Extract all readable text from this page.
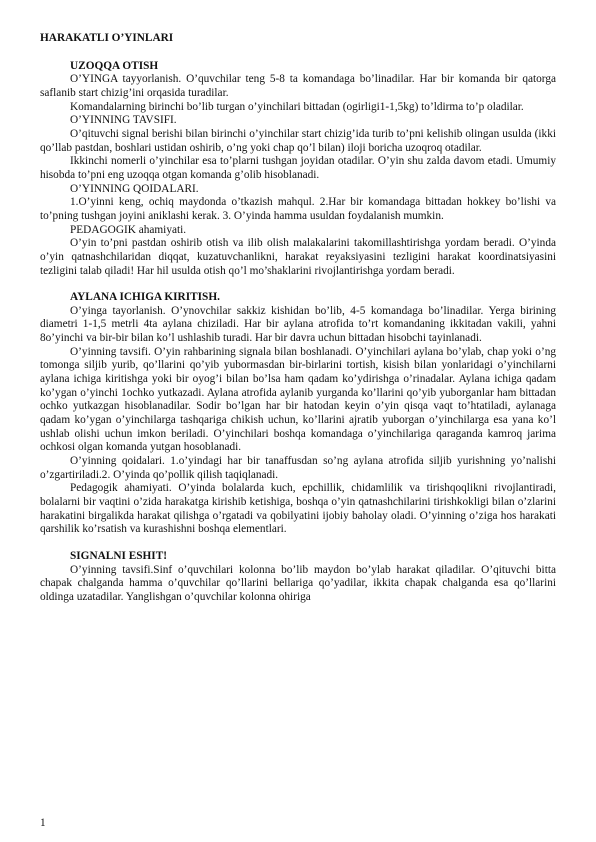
HARAKATLI O’YINLARI
UZOQQA OTISH

O’YINGA tayyorlanish. O’quvchilar teng 5-8 ta komandaga bo’linadilar. Har bir komanda bir qatorga saflanib start chizig’ini orqasida turadilar.

Komandalarning birinchi bo’lib turgan o’yinchilari bittadan (ogirligi1-1,5kg) to’ldirma to’p oladilar.

O’YINNING TAVSIFI.

O’qituvchi signal berishi bilan birinchi o’yinchilar start chizig’ida turib to’pni kelishib olingan usulda (ikki qo’llab pastdan, boshlari ustidan oshirib, o’ng yoki chap qo’l bilan) iloji boricha uzoqroq otadilar.

Ikkinchi nomerli o’yinchilar esa to’plarni tushgan joyidan otadilar. O’yin shu zalda davom etadi. Umumiy hisobda to’pni eng uzoqqa otgan komanda g’olib hisoblanadi.

O’YINNING QOIDALARI.

1.O’yinni keng, ochiq maydonda o’tkazish mahqul. 2.Har bir komandaga bittadan hokkey bo’lishi va to’pning tushgan joyini aniklashi kerak. 3. O’yinda hamma usuldan foydalanish mumkin.

PEDAGOGIK ahamiyati.

O’yin to’pni pastdan oshirib otish va ilib olish malakalarini takomillashtirishga yordam beradi. O’yinda o’yin qatnashchilaridan diqqat, kuzatuvchanlikni, harakat reyaksiyasini tezligini harakat koordinatsiyasini tezligini talab qiladi! Har hil usulda otish qo’l mo’shaklarini rivojlantirishga yordam beradi.

AYLANA ICHIGA KIRITISH.

O’yinga tayorlanish. O’ynovchilar sakkiz kishidan bo’lib, 4-5 komandaga bo’linadilar. Yerga birining diametri 1-1,5 metrli 4ta aylana chiziladi. Har bir aylana atrofida to’rt komandaning ikkitadan vakili, yahni 8o’yinchi va bir-bir bilan ko’l ushlashib turadi. Har bir davra uchun bittadan hisobchi tayinlanadi.

O’yinning tavsifi. O’yin rahbarining signala bilan boshlanadi. O’yinchilari aylana bo’ylab, chap yoki o’ng tomonga siljib yurib, qo’llarini qo’yib yubormasdan bir-birlarini tortish, kisish bilan yonlaridagi o’yinchilarni aylana ichiga kiritishga yoki bir oyog’i bilan bo’lsa ham qadam ko’ydirishga o’rinadalar. Aylana ichiga qadam ko’ygan o’yinchi 1ochko yutkazadi. Aylana atrofida aylanib yurganda ko’llarini qo’yib yuborganlar ham bittadan ochko yutkazgan hisoblanadilar. Sodir bo’lgan har bir hatodan keyin o’yin qisqa vaqt to’htatiladi, aylanaga qadam ko’ygan o’yinchilarga tashqariga chikish uchun, ko’llarini ajratib yuborgan o’yinchilarga esa yana ko’l ushlab olishi uchun imkon beriladi. O’yinchilari boshqa komandaga o’yinchilariga qaraganda kamroq jarima ochkosi olgan komanda yutgan hosoblanadi.

O’yinning qoidalari. 1.o’yindagi har bir tanaffusdan so’ng aylana atrofida siljib yurishning yo’nalishi o’zgartiriladi.2. O’yinda qo’pollik qilish taqiqlanadi.

Pedagogik ahamiyati. O’yinda bolalarda kuch, epchillik, chidamlilik va tirishqoqlikni rivojlantiradi, bolalarni bir vaqtini o’zida harakatga kirishib ketishiga, boshqa o’yin qatnashchilarini tirishkokligi bilan o’zlarini harakatini birgalikda harakat qilishga o’rgatadi va qobilyatini ijobiy baholay oladi. O’yinning o’ziga hos harakati qarshilik ko’rsatish va kurashishni boshqa elementlari.

SIGNALNI ESHIT!

O’yinning tavsifi.Sinf o’quvchilari kolonna bo’lib maydon bo’ylab harakat qiladilar. O’qituvchi bitta chapak chalganda hamma o’quvchilar qo’llarini bellariga qo’yadilar, ikkita chapak chalganda esa qo’llarini oldinga uzatadilar. Yanglishgan o’quvchilar kolonna ohiriga

1
